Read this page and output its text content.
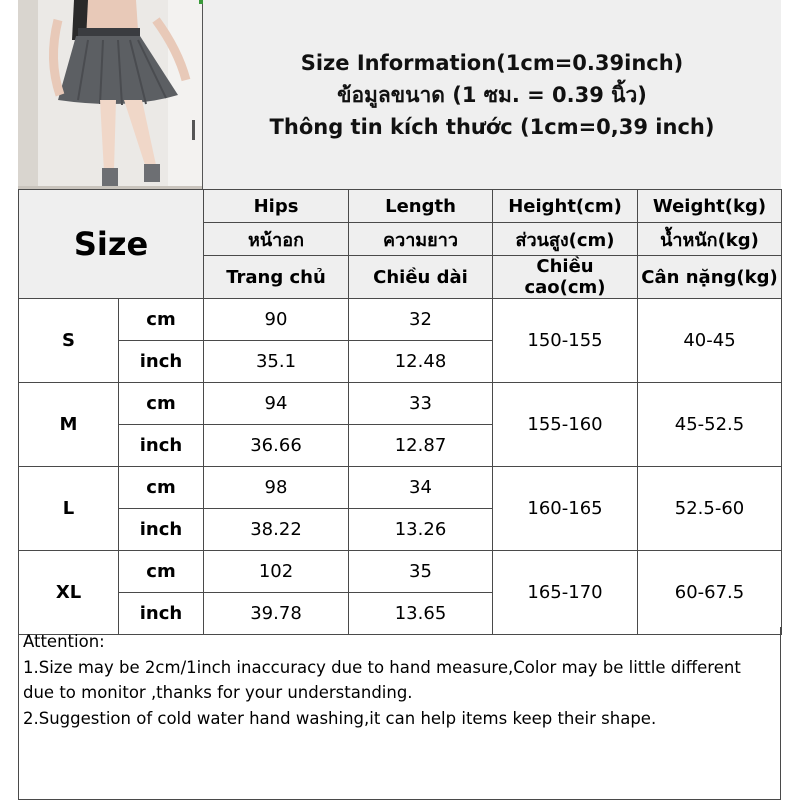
Size Information(1cm=0.39inch)
ข้อมูลขนาด (1 ซม. = 0.39 นิ้ว)
Thông tin kích thước (1cm=0,39 inch)
Size		Hips	Length	Height(cm)	Weight(kg)
		หน้าอก	ความยาว	ส่วนสูง(cm)	น้ำหนัก(kg)
		Trang chủ	Chiều dài	Chiều cao(cm)	Cân nặng(kg)
S	cm	90	32	150-155	40-45
	inch	35.1	12.48		
M	cm	94	33	155-160	45-52.5
	inch	36.66	12.87		
L	cm	98	34	160-165	52.5-60
	inch	38.22	13.26		
XL	cm	102	35	165-170	60-67.5
	inch	39.78	13.65		
Attention:
1.Size may be 2cm/1inch inaccuracy due to hand measure,Color may be little different due to monitor ,thanks for your understanding.
2.Suggestion of cold water hand washing,it can help items keep their shape.
